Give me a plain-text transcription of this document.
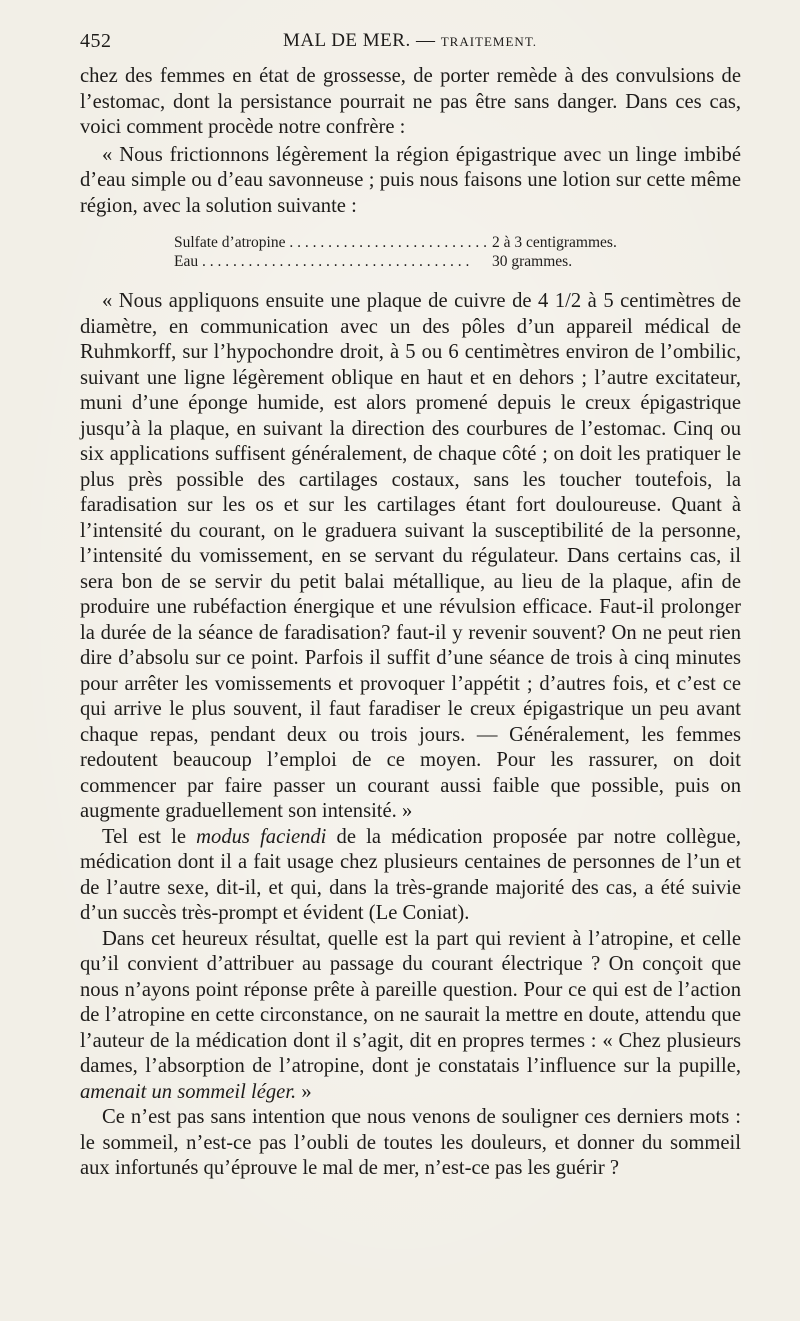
452	MAL DE MER. — TRAITEMENT.

chez des femmes en état de grossesse, de porter remède à des convulsions de l’estomac, dont la persistance pourrait ne pas être sans danger. Dans ces cas, voici comment procède notre confrère :

« Nous frictionnons légèrement la région épigastrique avec un linge imbibé d’eau simple ou d’eau savonneuse ; puis nous faisons une lotion sur cette même région, avec la solution suivante :

Sulfate d’atropine . . .	2 à 3 centigrammes.
Eau . . .	30 grammes.

« Nous appliquons ensuite une plaque de cuivre de 4 1/2 à 5 centimètres de diamètre, en communication avec un des pôles d’un appareil médical de Ruhmkorff, sur l’hypochondre droit, à 5 ou 6 centimètres environ de l’ombilic, suivant une ligne légèrement oblique en haut et en dehors ; l’autre excitateur, muni d’une éponge humide, est alors promené depuis le creux épigastrique jusqu’à la plaque, en suivant la direction des courbures de l’estomac. Cinq ou six applications suffisent généralement, de chaque côté ; on doit les pratiquer le plus près possible des cartilages costaux, sans les toucher toutefois, la faradisation sur les os et sur les cartilages étant fort douloureuse. Quant à l’intensité du courant, on le graduera suivant la susceptibilité de la personne, l’intensité du vomissement, en se servant du régulateur. Dans certains cas, il sera bon de se servir du petit balai métallique, au lieu de la plaque, afin de produire une rubéfaction énergique et une révulsion efficace. Faut-il prolonger la durée de la séance de faradisation? faut-il y revenir souvent? On ne peut rien dire d’absolu sur ce point. Parfois il suffit d’une séance de trois à cinq minutes pour arrêter les vomissements et provoquer l’appétit ; d’autres fois, et c’est ce qui arrive le plus souvent, il faut faradiser le creux épigastrique un peu avant chaque repas, pendant deux ou trois jours. — Généralement, les femmes redoutent beaucoup l’emploi de ce moyen. Pour les rassurer, on doit commencer par faire passer un courant aussi faible que possible, puis on augmente graduellement son intensité. »

Tel est le modus faciendi de la médication proposée par notre collègue, médication dont il a fait usage chez plusieurs centaines de personnes de l’un et de l’autre sexe, dit-il, et qui, dans la très-grande majorité des cas, a été suivie d’un succès très-prompt et évident (Le Coniat).

Dans cet heureux résultat, quelle est la part qui revient à l’atropine, et celle qu’il convient d’attribuer au passage du courant électrique ? On conçoit que nous n’ayons point réponse prête à pareille question. Pour ce qui est de l’action de l’atropine en cette circonstance, on ne saurait la mettre en doute, attendu que l’auteur de la médication dont il s’agit, dit en propres termes : « Chez plusieurs dames, l’absorption de l’atropine, dont je constatais l’influence sur la pupille, amenait un sommeil léger. »

Ce n’est pas sans intention que nous venons de souligner ces derniers mots : le sommeil, n’est-ce pas l’oubli de toutes les douleurs, et donner du sommeil aux infortunés qu’éprouve le mal de mer, n’est-ce pas les guérir ?
